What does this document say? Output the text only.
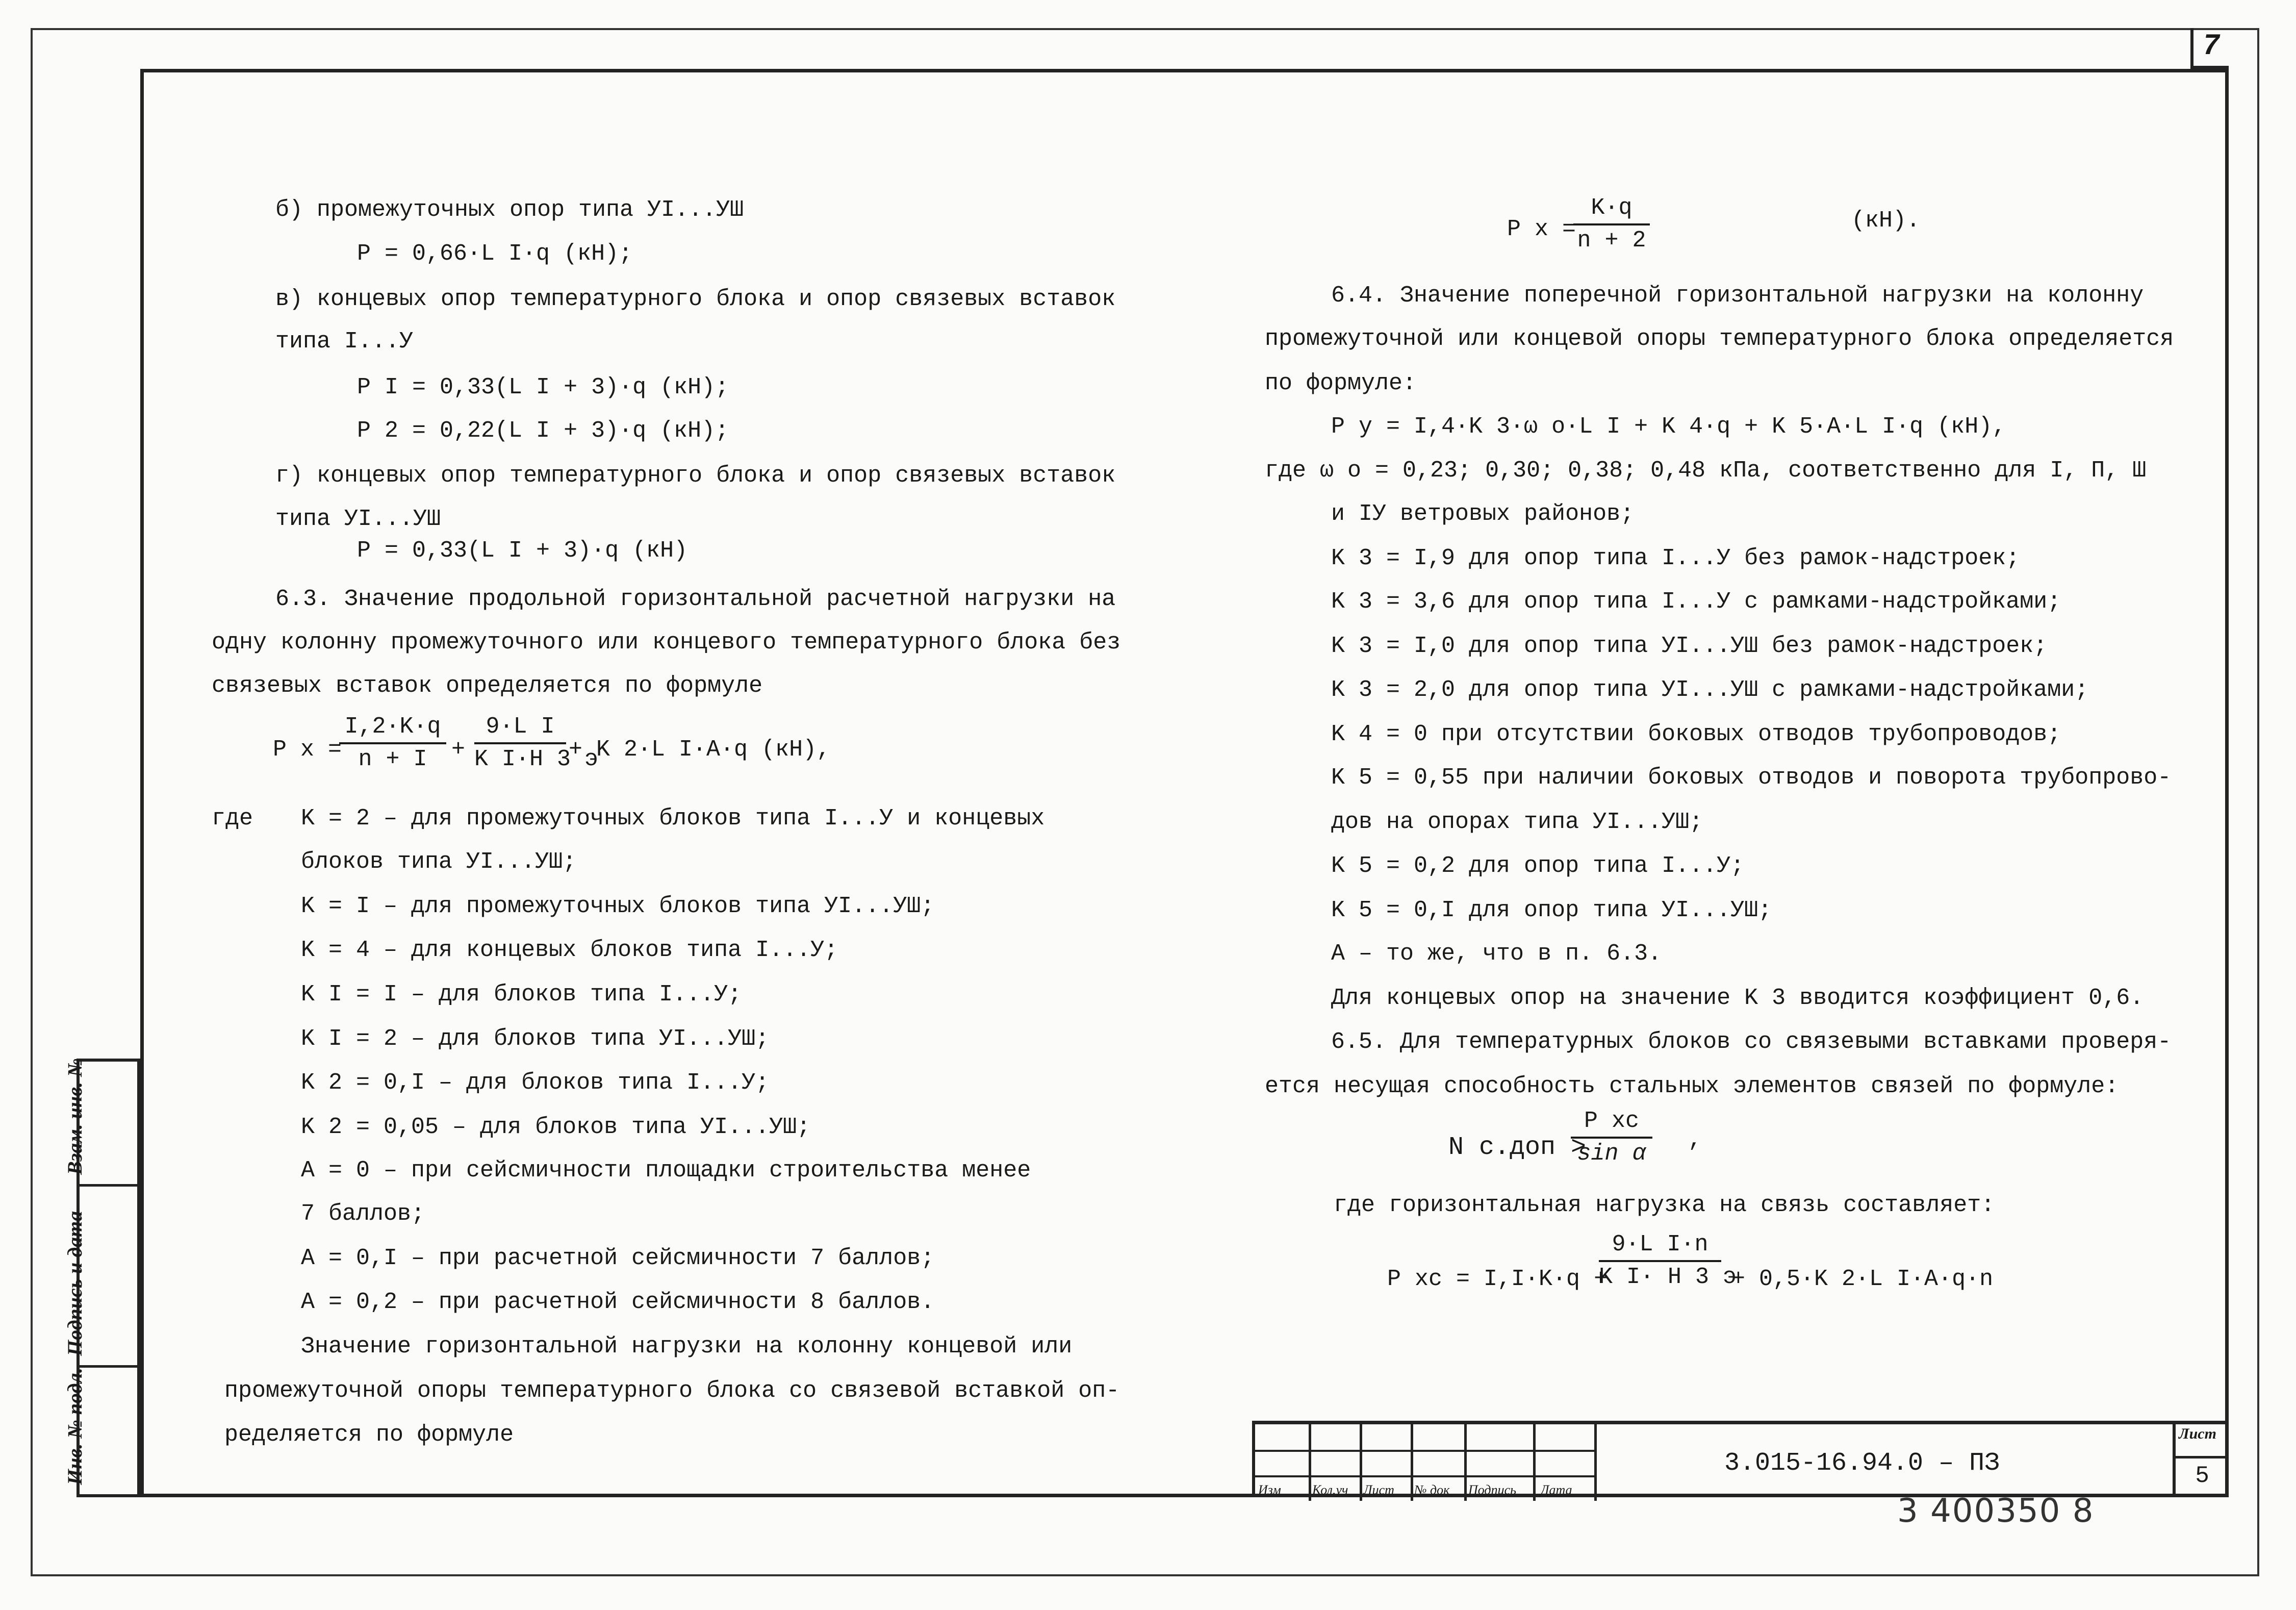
7
б) промежуточных опор типа УI...УШ
Р = 0,66·L I·q (кН);
в) концевых опор температурного блока и опор связевых вставок
типа I...У
P I = 0,33(L I + 3)·q (кН);
P 2 = 0,22(L I + 3)·q (кН);
г) концевых опор температурного блока и опор связевых вставок
типа УI...УШ
Р = 0,33(L I + 3)·q (кН)
6.3. Значение продольной горизонтальной расчетной нагрузки на
одну колонну промежуточного или концевого температурного блока без
связевых вставок определяется по формуле
P x =
I,2·K·q
n + I	+
9·L I
K I·H 3 э
+ K 2·L I·A·q (кН),
где K = 2 – для промежуточных блоков типа I...У и концевых
блоков типа УI...УШ;
K = I – для промежуточных блоков типа УI...УШ;
K = 4 – для концевых блоков типа I...У;
K I = I – для блоков типа I...У;
K I = 2 – для блоков типа УI...УШ;
K 2 = 0,I – для блоков типа I...У;
K 2 = 0,05 – для блоков типа УI...УШ;
A = 0 – при сейсмичности площадки строительства менее
7 баллов;
A = 0,I – при расчетной сейсмичности 7 баллов;
A = 0,2 – при расчетной сейсмичности 8 баллов.
Значение горизонтальной нагрузки на колонну концевой или
промежуточной опоры температурного блока со связевой вставкой оп-
ределяется по формуле
P x =
K·q
n + 2
(кН).
6.4. Значение поперечной горизонтальной нагрузки на колонну
промежуточной или концевой опоры температурного блока определяется
по формуле:
P y = I,4·K 3·ω o·L I + K 4·q + K 5·A·L I·q (кН),
где ω o = 0,23; 0,30; 0,38; 0,48 кПа, соответственно для I, П, Ш
и IУ ветровых районов;
K 3 = I,9 для опор типа I...У без рамок-надстроек;
K 3 = 3,6 для опор типа I...У с рамками-надстройками;
K 3 = I,0 для опор типа УI...УШ без рамок-надстроек;
K 3 = 2,0 для опор типа УI...УШ с рамками-надстройками;
K 4 = 0 при отсутствии боковых отводов трубопроводов;
K 5 = 0,55 при наличии боковых отводов и поворота трубопрово-
дов на опорах типа УI...УШ;
K 5 = 0,2 для опор типа I...У;
K 5 = 0,I для опор типа УI...УШ;
A – то же, что в п. 6.3.
Для концевых опор на значение K 3 вводится коэффициент 0,6.
6.5. Для температурных блоков со связевыми вставками проверя-
ется несущая способность стальных элементов связей по формуле:
N с.доп >
P xc
sin α
,
где горизонтальная нагрузка на связь составляет:
P xc = I,I·K·q +
9·L I·n
K I· H 3 э
+ 0,5·K 2·L I·A·q·n
Взам. инв. №
Подпись и дата
Инв. № подл.
Изм Кол.уч Лист № док Подпись Дата
3.015-16.94.0 – ПЗ
Лист
5
3 400350 8
